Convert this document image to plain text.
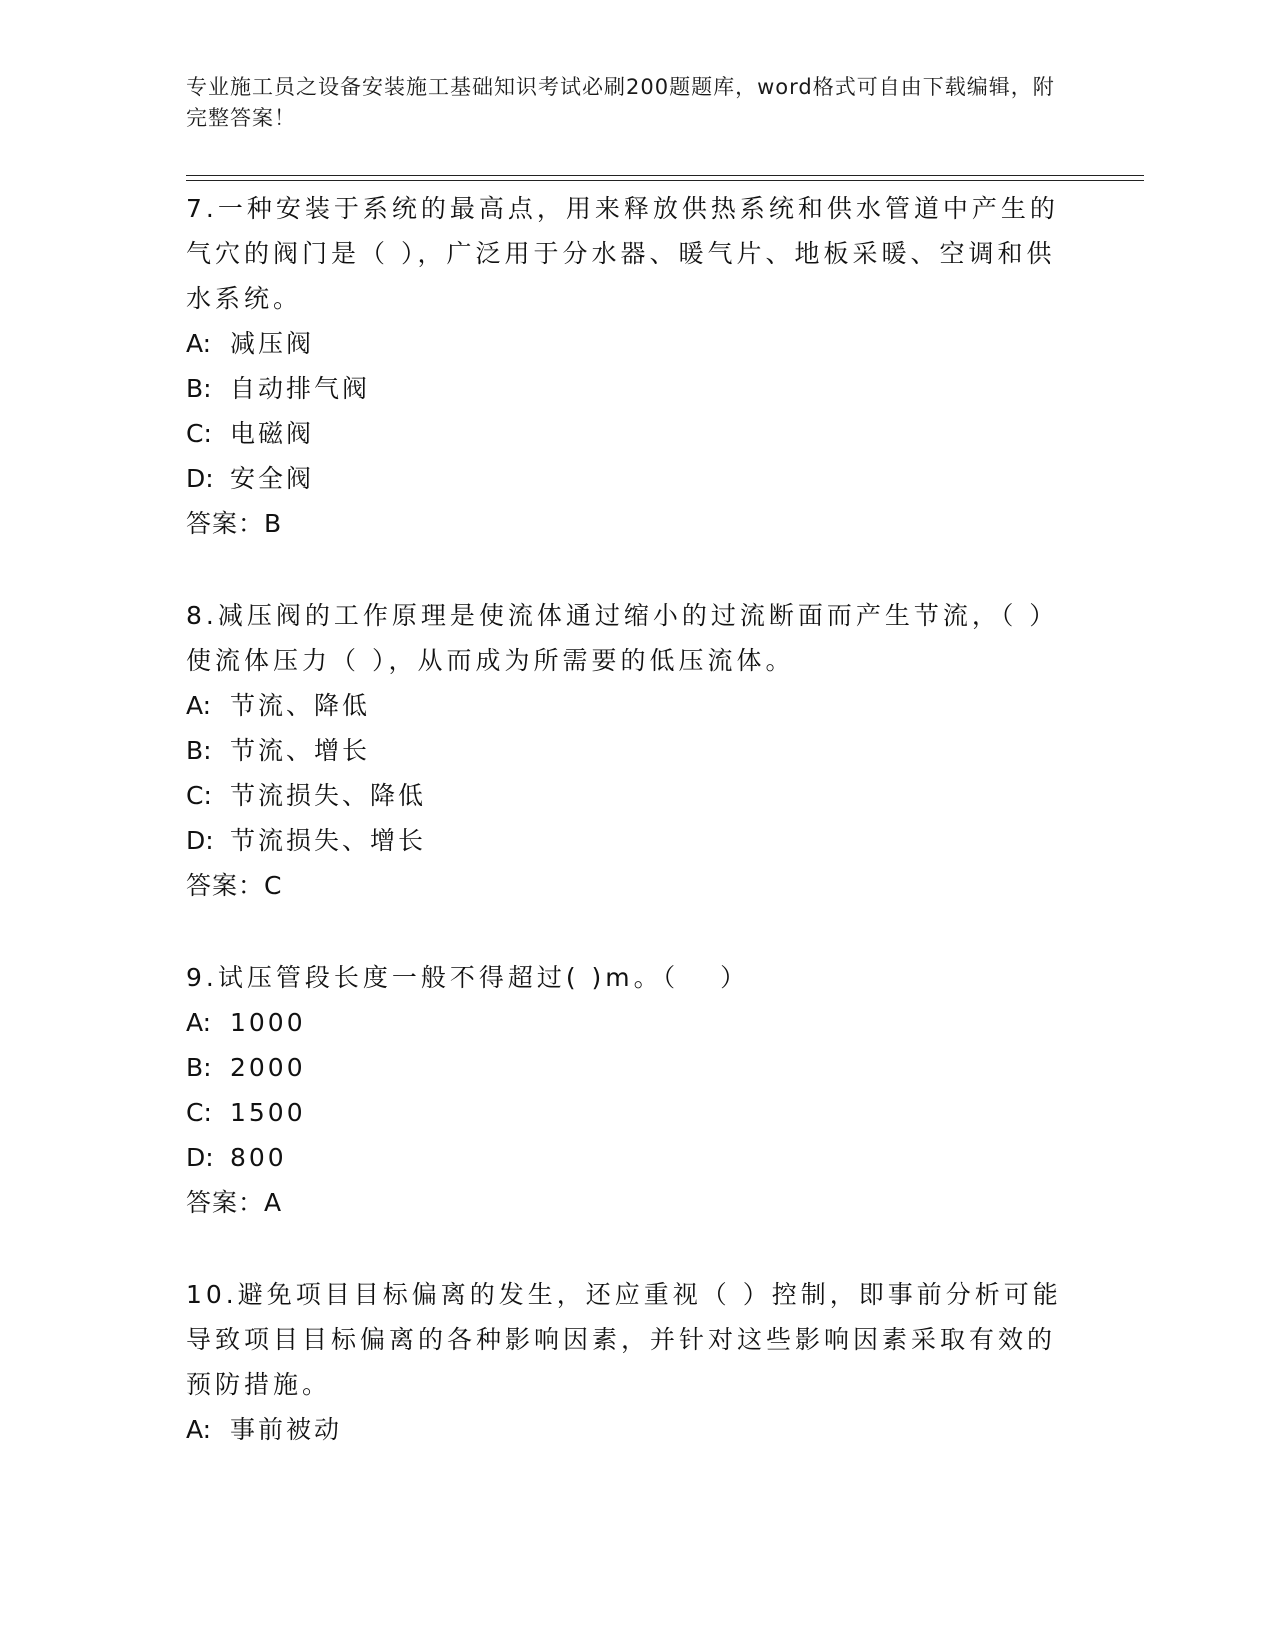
专业施工员之设备安装施工基础知识考试必刷200题题库，word格式可自由下载编辑，附完整答案！

7.一种安装于系统的最高点，用来释放供热系统和供水管道中产生的气穴的阀门是（ ），广泛用于分水器、暖气片、地板采暖、空调和供水系统。

A: 减压阀

B: 自动排气阀

C: 电磁阀

D: 安全阀

答案：B

8.减压阀的工作原理是使流体通过缩小的过流断面而产生节流，（ ）使流体压力（ ），从而成为所需要的低压流体。

A: 节流、降低

B: 节流、增长

C: 节流损失、降低

D: 节流损失、增长

答案：C

9.试压管段长度一般不得超过( )m。（　 ）

A: 1000

B: 2000

C: 1500

D: 800

答案：A

10.避免项目目标偏离的发生，还应重视（ ）控制，即事前分析可能导致项目目标偏离的各种影响因素，并针对这些影响因素采取有效的预防措施。

A: 事前被动
